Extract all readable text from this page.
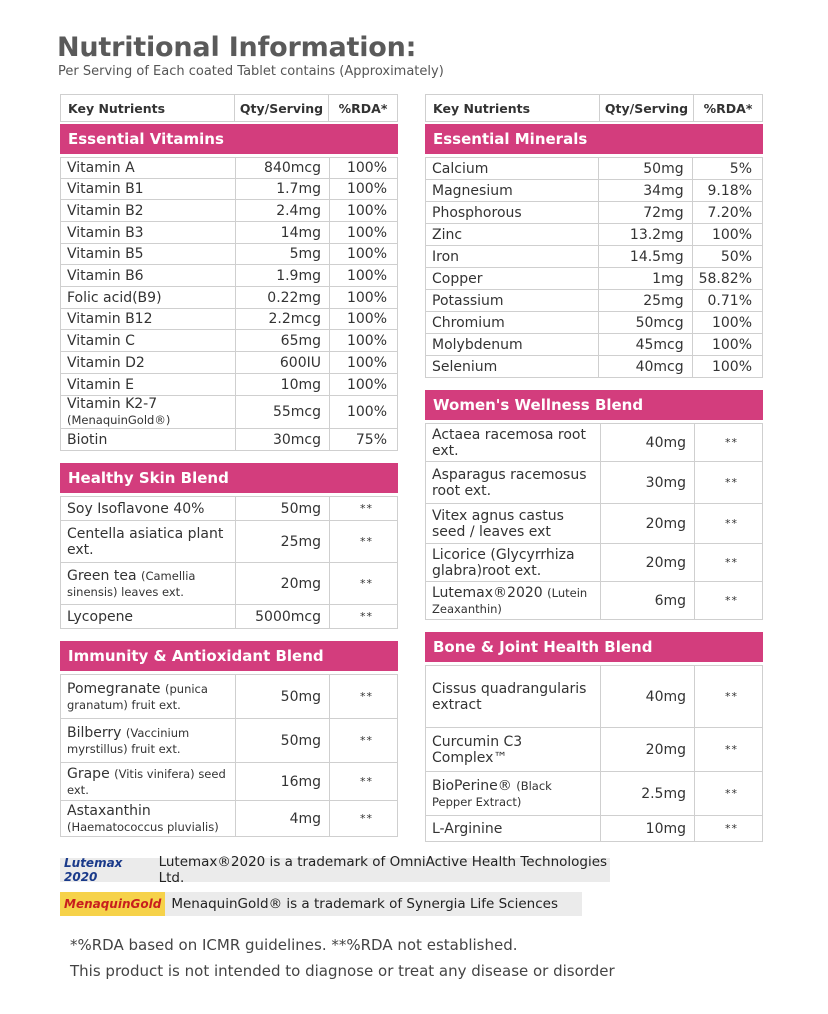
Nutritional Information:
Per Serving of Each coated Tablet contains (Approximately)
Key Nutrients	Qty/Serving	%RDA*
Essential Vitamins
Vitamin A	840mcg	100%
Vitamin B1	1.7mg	100%
Vitamin B2	2.4mg	100%
Vitamin B3	14mg	100%
Vitamin B5	5mg	100%
Vitamin B6	1.9mg	100%
Folic acid(B9)	0.22mg	100%
Vitamin B12	2.2mcg	100%
Vitamin C	65mg	100%
Vitamin D2	600IU	100%
Vitamin E	10mg	100%
Vitamin K2-7 (MenaquinGold®)	55mcg	100%
Biotin	30mcg	75%
Healthy Skin Blend
Soy Isoflavone 40%	50mg	**
Centella asiatica plant ext.	25mg	**
Green tea (Camellia sinensis) leaves ext.	20mg	**
Lycopene	5000mcg	**
Immunity & Antioxidant Blend
Pomegranate (punica granatum) fruit ext.	50mg	**
Bilberry (Vaccinium myrstillus) fruit ext.	50mg	**
Grape (Vitis vinifera) seed ext.	16mg	**
Astaxanthin (Haematococcus pluvialis)	4mg	**
Key Nutrients	Qty/Serving	%RDA*
Essential Minerals
Calcium	50mg	5%
Magnesium	34mg	9.18%
Phosphorous	72mg	7.20%
Zinc	13.2mg	100%
Iron	14.5mg	50%
Copper	1mg	58.82%
Potassium	25mg	0.71%
Chromium	50mcg	100%
Molybdenum	45mcg	100%
Selenium	40mcg	100%
Women's Wellness Blend
Actaea racemosa root ext.	40mg	**
Asparagus racemosus root ext.	30mg	**
Vitex agnus castus seed / leaves ext	20mg	**
Licorice (Glycyrrhiza glabra)root ext.	20mg	**
Lutemax®2020 (Lutein Zeaxanthin)	6mg	**
Bone & Joint Health Blend
Cissus quadrangularis extract	40mg	**
Curcumin C3 Complex™	20mg	**
BioPerine® (Black Pepper Extract)	2.5mg	**
L-Arginine	10mg	**
Lutemax 2020
Lutemax®2020 is a trademark of OmniActive Health Technologies Ltd.
MenaquinGold MenaquinGold® is a trademark of Synergia Life Sciences
*%RDA based on ICMR guidelines. **%RDA not established.
This product is not intended to diagnose or treat any disease or disorder
